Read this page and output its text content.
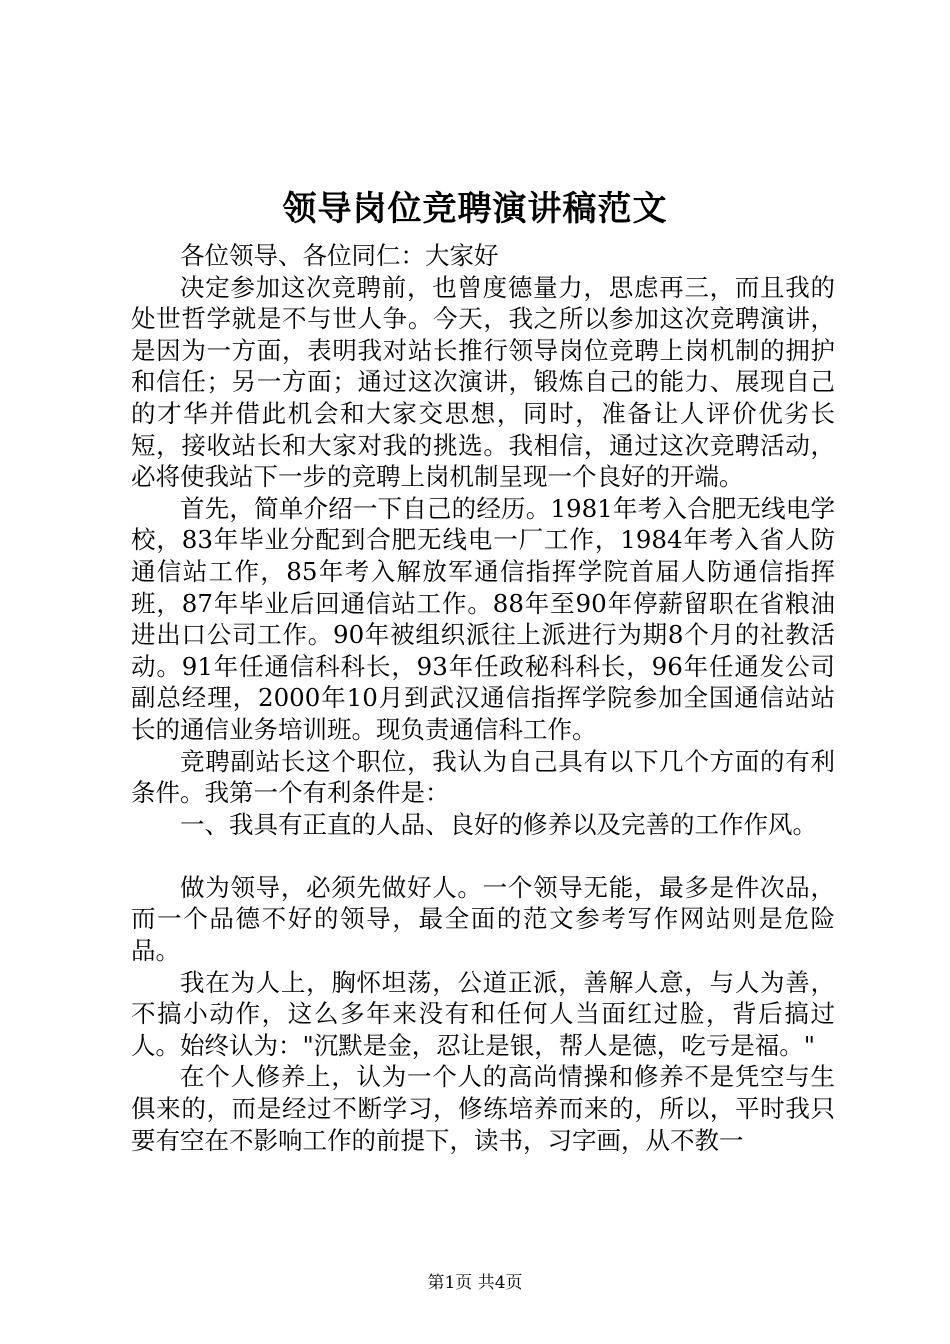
领导岗位竞聘演讲稿范文

各位领导、各位同仁：大家好

决定参加这次竞聘前，也曾度德量力，思虑再三，而且我的处世哲学就是不与世人争。今天，我之所以参加这次竞聘演讲，是因为一方面，表明我对站长推行领导岗位竞聘上岗机制的拥护和信任；另一方面；通过这次演讲，锻炼自己的能力、展现自己的才华并借此机会和大家交思想，同时，准备让人评价优劣长短，接收站长和大家对我的挑选。我相信，通过这次竞聘活动，必将使我站下一步的竞聘上岗机制呈现一个良好的开端。

首先，简单介绍一下自己的经历。1981年考入合肥无线电学校，83年毕业分配到合肥无线电一厂工作，1984年考入省人防通信站工作，85年考入解放军通信指挥学院首届人防通信指挥班，87年毕业后回通信站工作。88年至90年停薪留职在省粮油进出口公司工作。90年被组织派往上派进行为期8个月的社教活动。91年任通信科科长，93年任政秘科科长，96年任通发公司副总经理，2000年10月到武汉通信指挥学院参加全国通信站站长的通信业务培训班。现负责通信科工作。

竞聘副站长这个职位，我认为自己具有以下几个方面的有利条件。我第一个有利条件是：

一、我具有正直的人品、良好的修养以及完善的工作作风。

做为领导，必须先做好人。一个领导无能，最多是件次品，而一个品德不好的领导，最全面的范文参考写作网站则是危险品。

我在为人上，胸怀坦荡，公道正派，善解人意，与人为善，不搞小动作，这么多年来没有和任何人当面红过脸，背后搞过人。始终认为："沉默是金，忍让是银，帮人是德，吃亏是福。"

在个人修养上，认为一个人的高尚情操和修养不是凭空与生俱来的，而是经过不断学习，修练培养而来的，所以，平时我只要有空在不影响工作的前提下，读书，习字画，从不教一

第1页 共4页
